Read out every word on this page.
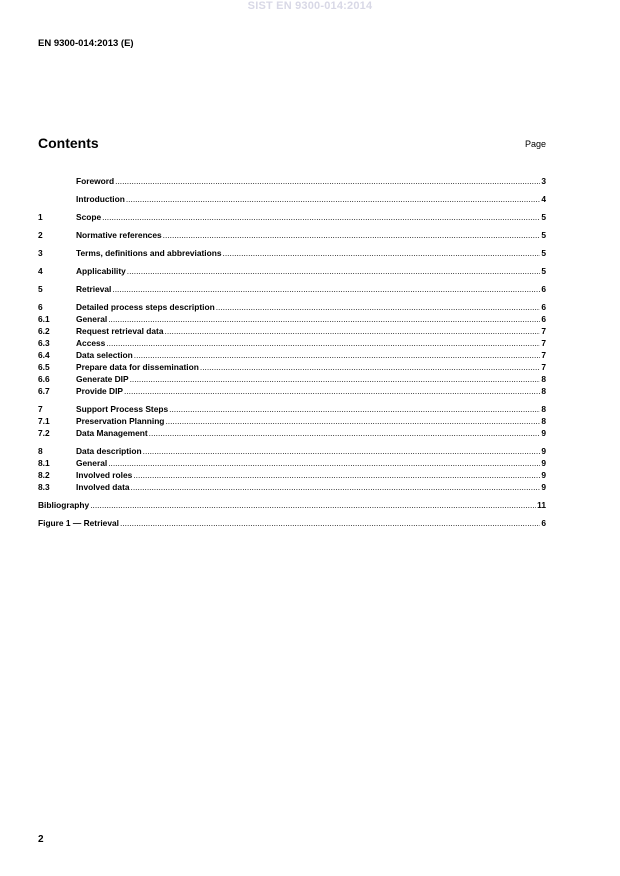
SIST EN 9300-014:2014
EN 9300-014:2013 (E)
Contents	Page
Foreword .....	3
Introduction .....	4
1	Scope .....	5
2	Normative references .....	5
3	Terms, definitions and abbreviations .....	5
4	Applicability .....	5
5	Retrieval .....	6
6	Detailed process steps description .....	6
6.1	General .....	6
6.2	Request retrieval data .....	7
6.3	Access .....	7
6.4	Data selection .....	7
6.5	Prepare data for dissemination .....	7
6.6	Generate DIP .....	8
6.7	Provide DIP .....	8
7	Support Process Steps .....	8
7.1	Preservation Planning .....	8
7.2	Data Management .....	9
8	Data description .....	9
8.1	General .....	9
8.2	Involved roles .....	9
8.3	Involved data .....	9
Bibliography .....	11
Figure 1 — Retrieval .....	6
2
